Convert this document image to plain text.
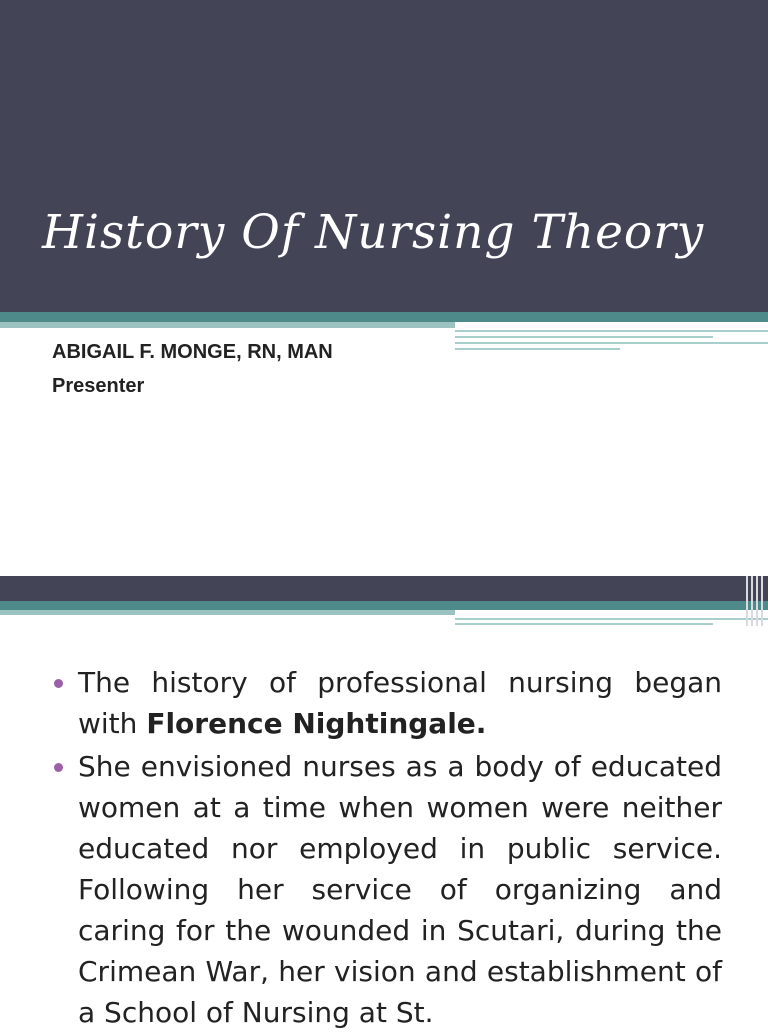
History Of Nursing Theory
ABIGAIL F. MONGE, RN, MAN
Presenter
The history of professional nursing began with Florence Nightingale.
She envisioned nurses as a body of educated women at a time when women were neither educated nor employed in public service. Following her service of organizing and caring for the wounded in Scutari, during the Crimean War, her vision and establishment of a School of Nursing at St.
